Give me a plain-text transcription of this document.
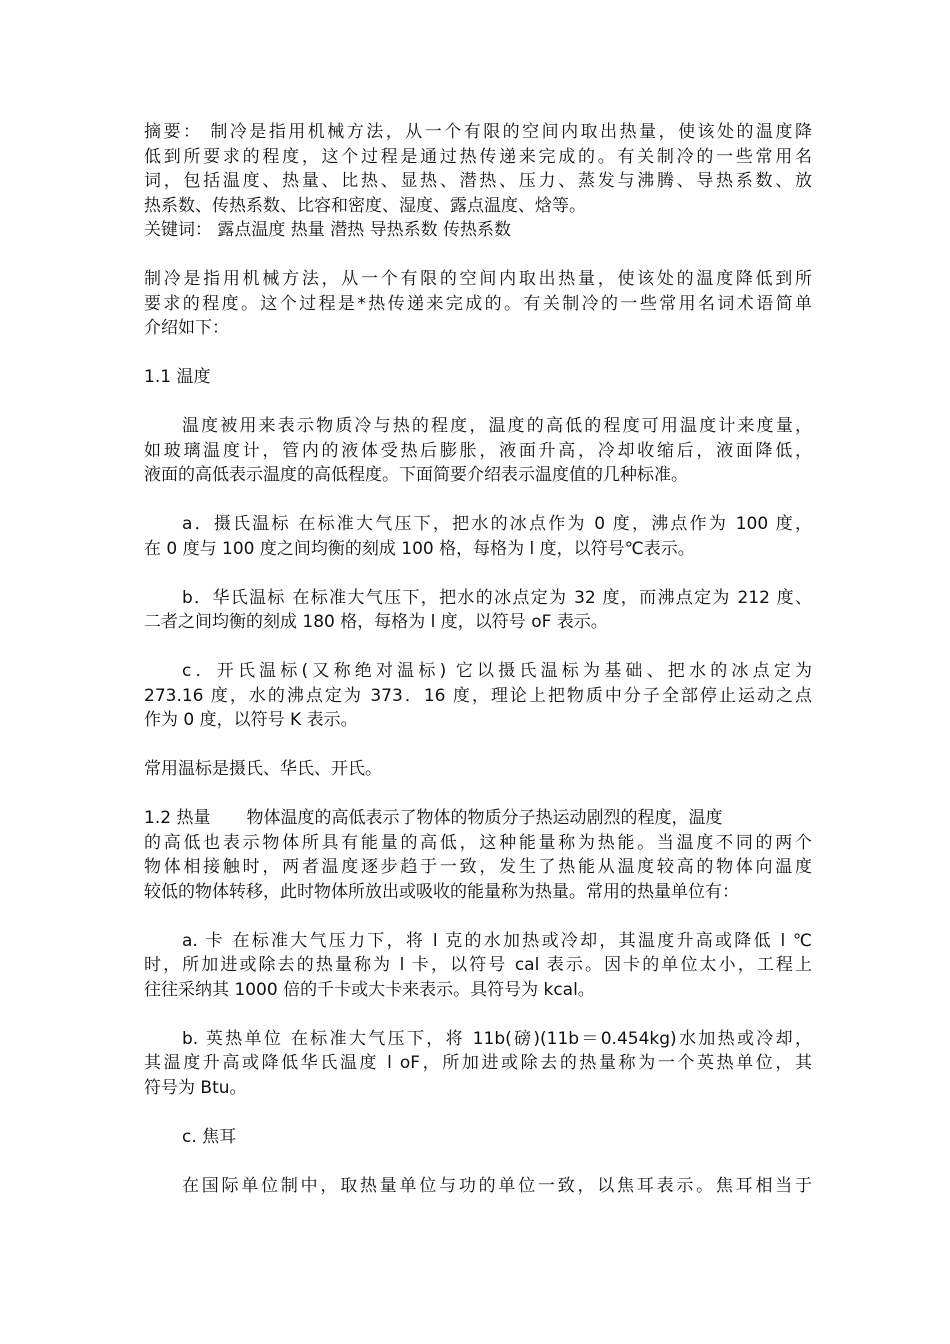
摘要： 制冷是指用机械方法，从一个有限的空间内取出热量，使该处的温度降
低到所要求的程度，这个过程是通过热传递来完成的。有关制冷的一些常用名
词，包括温度、热量、比热、显热、潜热、压力、蒸发与沸腾、导热系数、放
热系数、传热系数、比容和密度、湿度、露点温度、焓等。
关键词： 露点温度 热量 潜热 导热系数 传热系数
制冷是指用机械方法，从一个有限的空间内取出热量，使该处的温度降低到所
要求的程度。这个过程是*热传递来完成的。有关制冷的一些常用名词术语简单
介绍如下：
1.1 温度
温度被用来表示物质冷与热的程度，温度的高低的程度可用温度计来度量，
如玻璃温度计，管内的液体受热后膨胀，液面升高，冷却收缩后，液面降低，
液面的高低表示温度的高低程度。下面简要介绍表示温度值的几种标准。
a．摄氏温标 在标准大气压下，把水的冰点作为 0 度，沸点作为 100 度，
在 0 度与 100 度之间均衡的刻成 100 格，每格为 l 度，以符号℃表示。
b．华氏温标 在标准大气压下，把水的冰点定为 32 度，而沸点定为 212 度、
二者之间均衡的刻成 180 格，每格为 l 度，以符号 oF 表示。
c．开氏温标(又称绝对温标) 它以摄氏温标为基础、把水的冰点定为
273.16 度，水的沸点定为 373．16 度，理论上把物质中分子全部停止运动之点
作为 0 度，以符号 K 表示。
常用温标是摄氏、华氏、开氏。
1.2 热量 物体温度的高低表示了物体的物质分子热运动剧烈的程度，温度
的高低也表示物体所具有能量的高低，这种能量称为热能。当温度不同的两个
物体相接触时，两者温度逐步趋于一致，发生了热能从温度较高的物体向温度
较低的物体转移，此时物体所放出或吸收的能量称为热量。常用的热量单位有：
a. 卡 在标准大气压力下，将 l 克的水加热或冷却，其温度升高或降低 l ℃
时，所加进或除去的热量称为 l 卡，以符号 cal 表示。因卡的单位太小，工程上
往往采纳其 1000 倍的千卡或大卡来表示。具符号为 kcal。
b. 英热单位 在标准大气压下，将 11b(磅)(11b＝0.454kg)水加热或冷却，
其温度升高或降低华氏温度 l oF，所加进或除去的热量称为一个英热单位，其
符号为 Btu。
c. 焦耳
在国际单位制中，取热量单位与功的单位一致，以焦耳表示。焦耳相当于
